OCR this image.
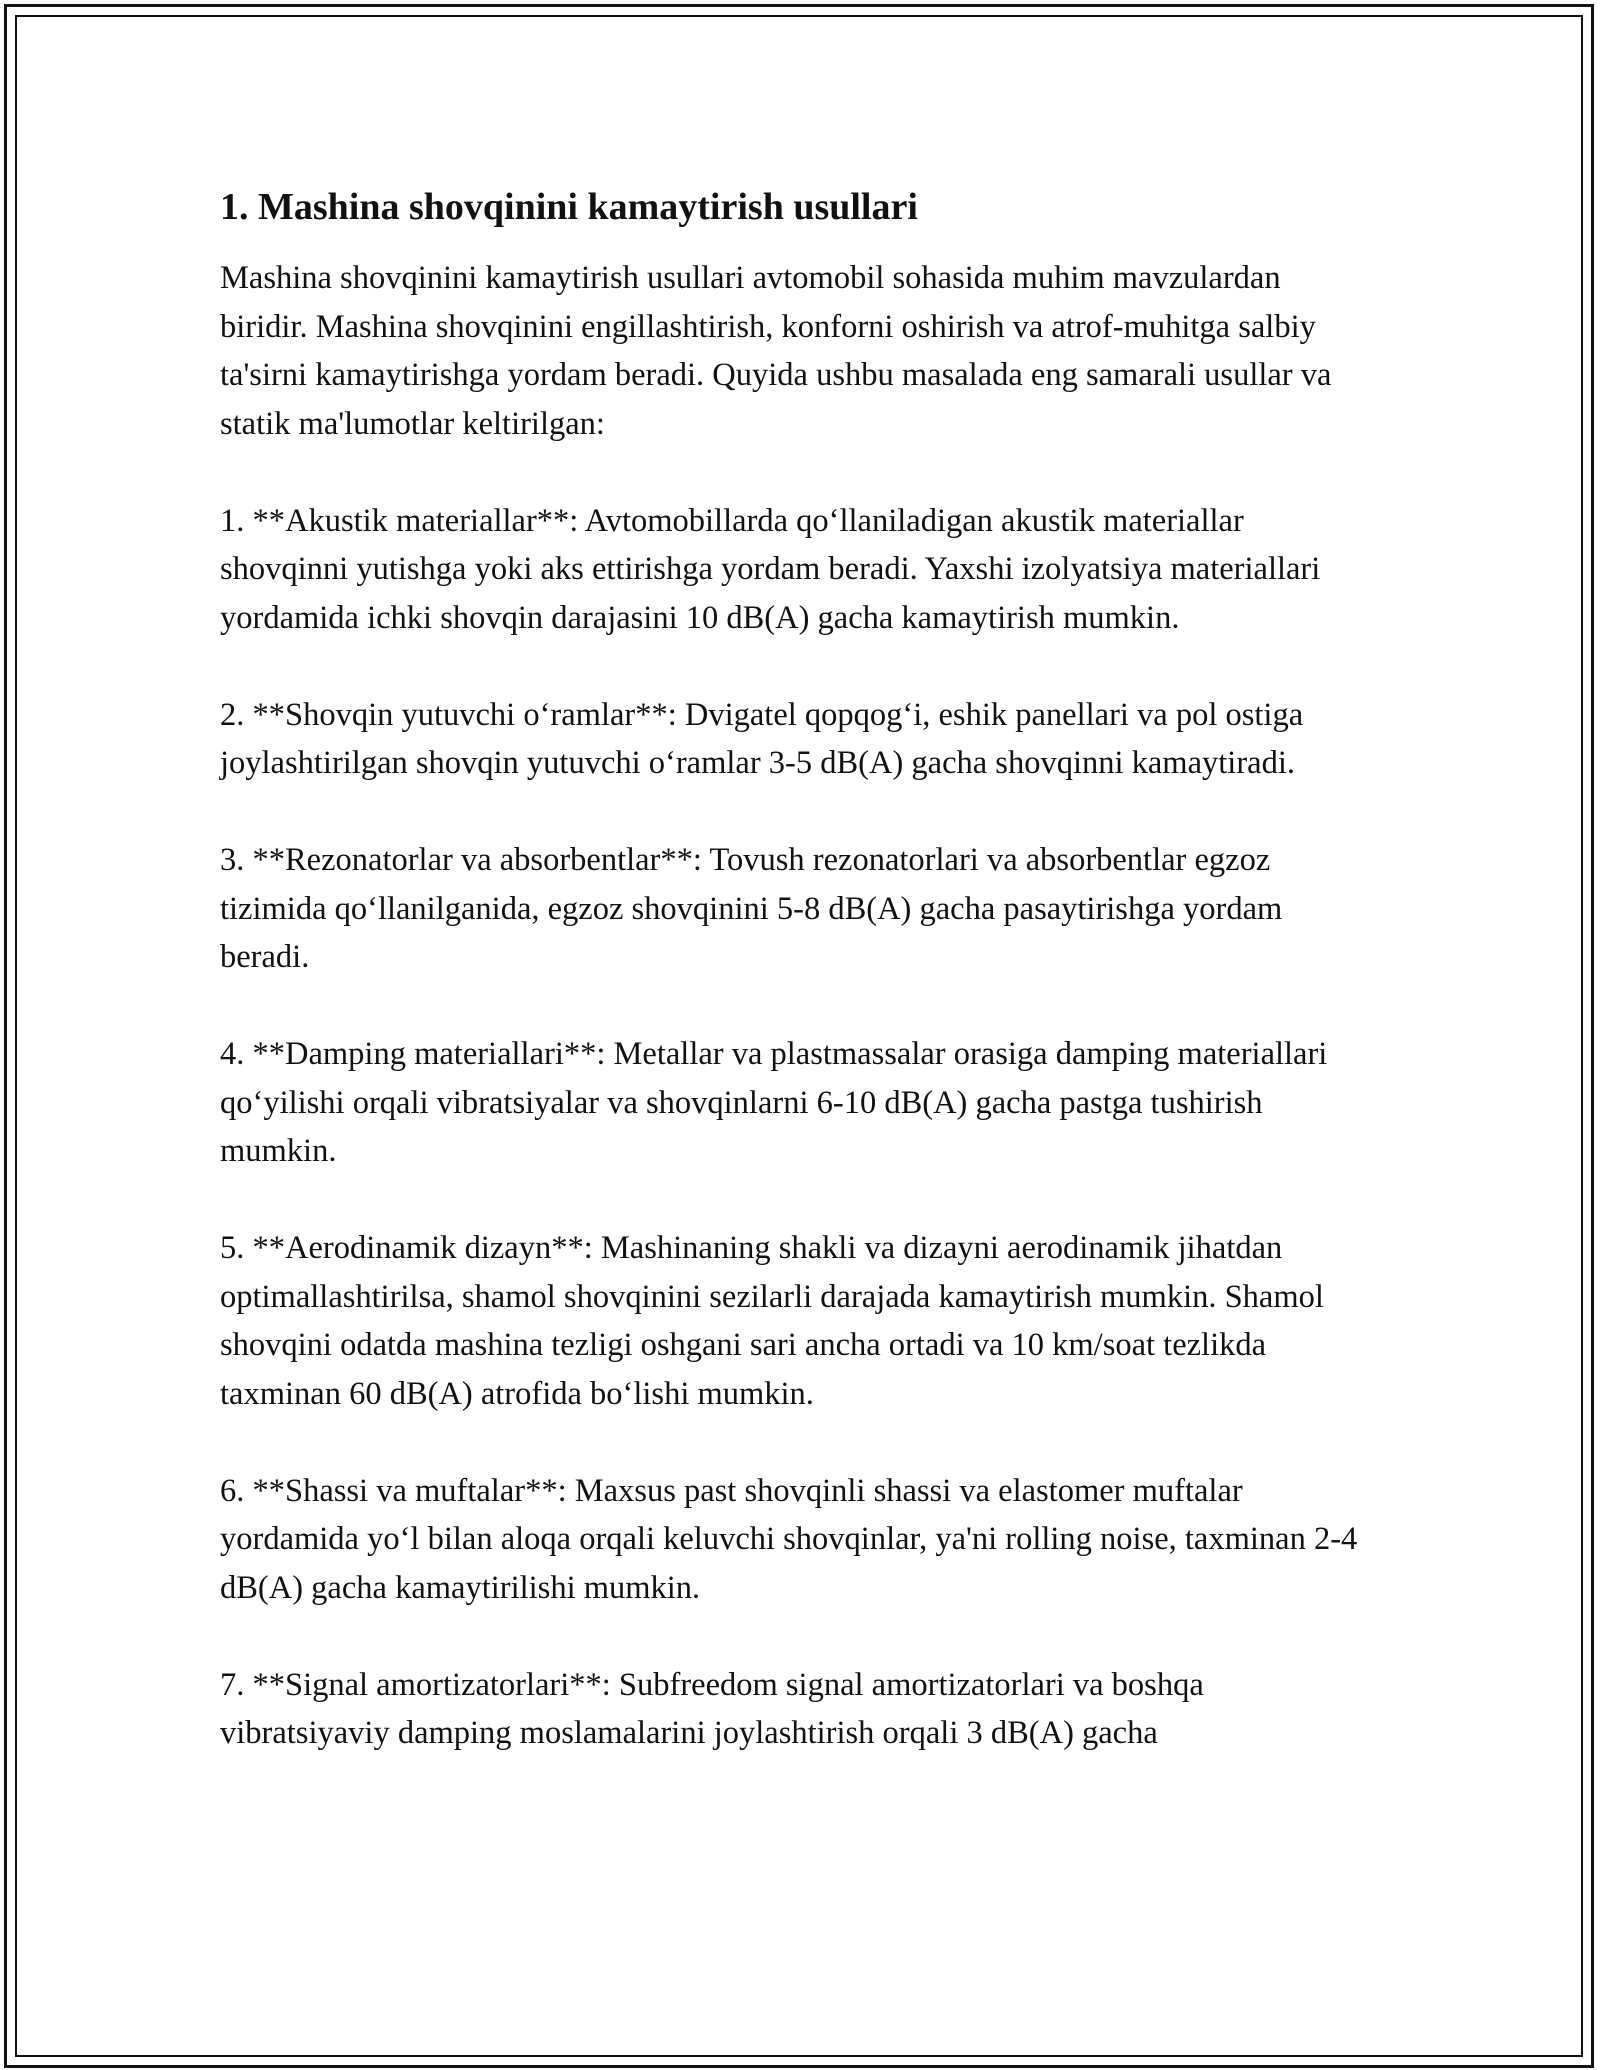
1. Mashina shovqinini kamaytirish usullari

Mashina shovqinini kamaytirish usullari avtomobil sohasida muhim mavzulardan biridir. Mashina shovqinini engillashtirish, konforni oshirish va atrof-muhitga salbiy ta'sirni kamaytirishga yordam beradi. Quyida ushbu masalada eng samarali usullar va statik ma'lumotlar keltirilgan:

1. **Akustik materiallar**: Avtomobillarda qo‘llaniladigan akustik materiallar shovqinni yutishga yoki aks ettirishga yordam beradi. Yaxshi izolyatsiya materiallari yordamida ichki shovqin darajasini 10 dB(A) gacha kamaytirish mumkin.

2. **Shovqin yutuvchi o‘ramlar**: Dvigatel qopqog‘i, eshik panellari va pol ostiga joylashtirilgan shovqin yutuvchi o‘ramlar 3-5 dB(A) gacha shovqinni kamaytiradi.

3. **Rezonatorlar va absorbentlar**: Tovush rezonatorlari va absorbentlar egzoz tizimida qo‘llanilganida, egzoz shovqinini 5-8 dB(A) gacha pasaytirishga yordam beradi.

4. **Damping materiallari**: Metallar va plastmassalar orasiga damping materiallari qo‘yilishi orqali vibratsiyalar va shovqinlarni 6-10 dB(A) gacha pastga tushirish mumkin.

5. **Aerodinamik dizayn**: Mashinaning shakli va dizayni aerodinamik jihatdan optimallashtirilsa, shamol shovqinini sezilarli darajada kamaytirish mumkin. Shamol shovqini odatda mashina tezligi oshgani sari ancha ortadi va 10 km/soat tezlikda taxminan 60 dB(A) atrofida bo‘lishi mumkin.

6. **Shassi va muftalar**: Maxsus past shovqinli shassi va elastomer muftalar yordamida yo‘l bilan aloqa orqali keluvchi shovqinlar, ya'ni rolling noise, taxminan 2-4 dB(A) gacha kamaytirilishi mumkin.

7. **Signal amortizatorlari**: Subfreedom signal amortizatorlari va boshqa vibratsiyaviy damping moslamalarini joylashtirish orqali 3 dB(A) gacha
